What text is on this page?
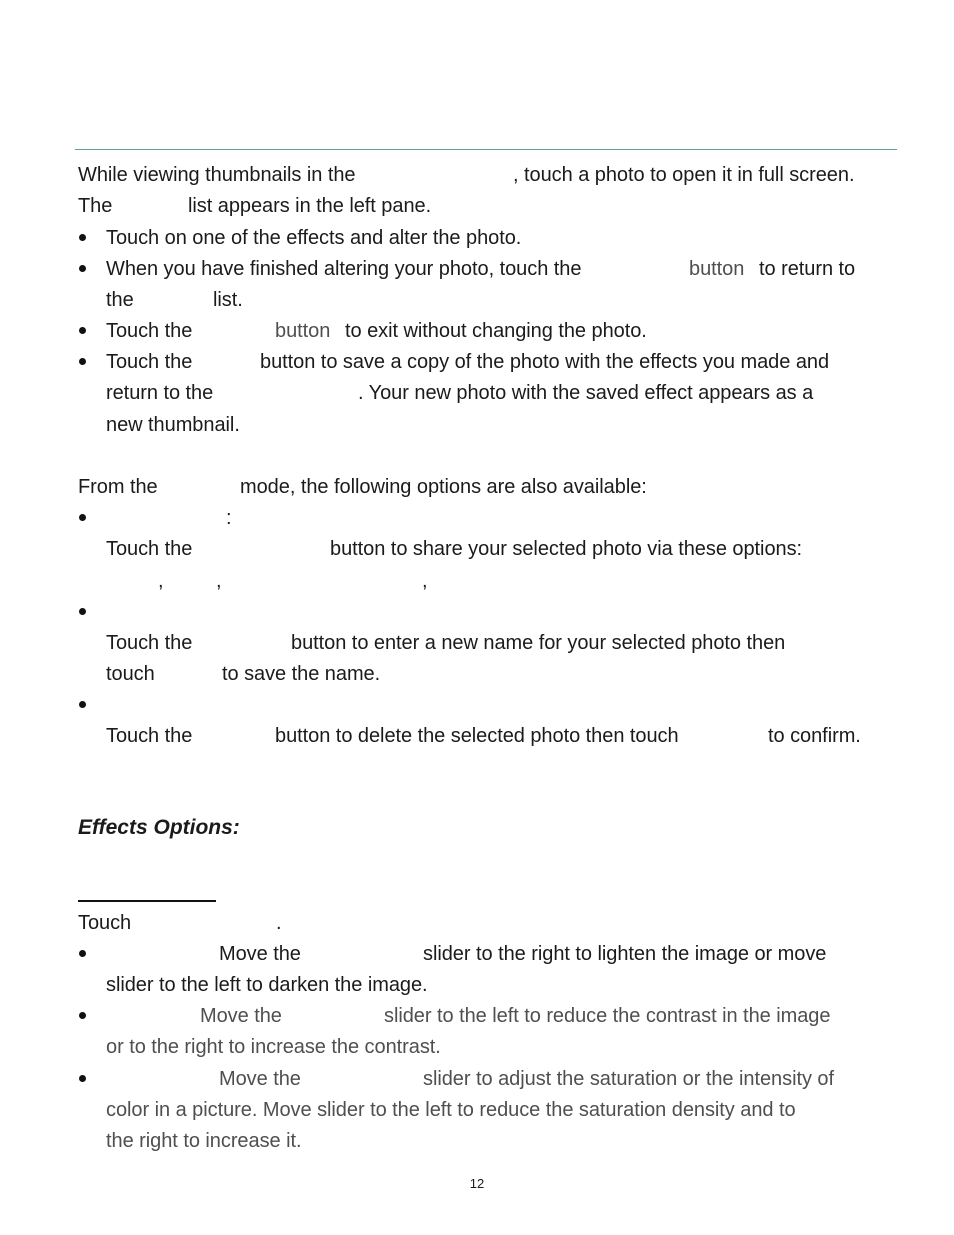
While viewing thumbnails in the	, touch a photo to open it in full screen.
The	list appears in the left pane.
Touch on one of the effects and alter the photo.
When you have finished altering your photo, touch the	button to return to
the	list.
Touch the	button to exit without changing the photo.
Touch the	button to save a copy of the photo with the effects you made and
return to the	. Your new photo with the saved effect appears as a
new thumbnail.
From the	mode, the following options are also available:
:
Touch the	button to share your selected photo via these options:
,	,	,
Touch the	button to enter a new name for your selected photo then
touch	to save the name.
Touch the	button to delete the selected photo then touch	to confirm.
Effects Options:
Touch	.
Move the	slider to the right to lighten the image or move
slider to the left to darken the image.
Move the	slider to the left to reduce the contrast in the image
or to the right to increase the contrast.
Move the	slider to adjust the saturation or the intensity of
color in a picture. Move slider to the left to reduce the saturation density and to
the right to increase it.
12
